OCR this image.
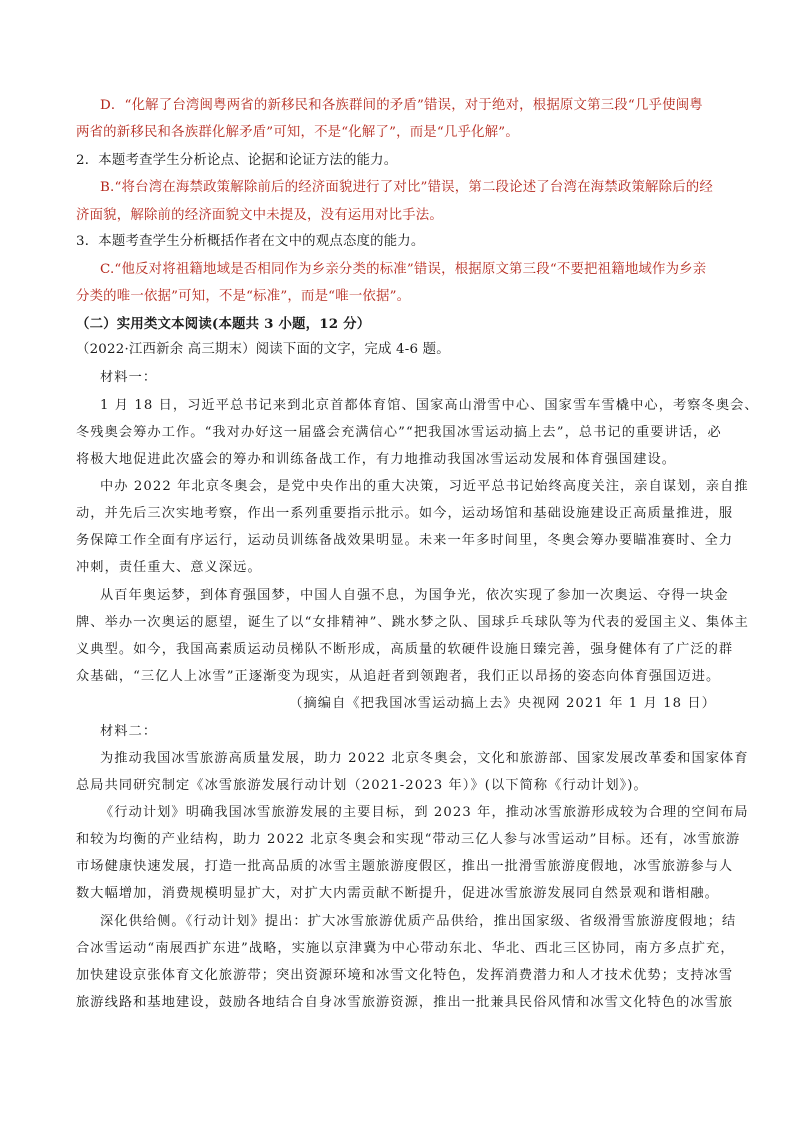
D．“化解了台湾闽粤两省的新移民和各族群间的矛盾”错误，对于绝对，根据原文第三段“几乎使闽粤
两省的新移民和各族群化解矛盾”可知，不是“化解了”，而是“几乎化解”。
2．本题考查学生分析论点、论据和论证方法的能力。
B.“将台湾在海禁政策解除前后的经济面貌进行了对比”错误，第二段论述了台湾在海禁政策解除后的经
济面貌，解除前的经济面貌文中未提及，没有运用对比手法。
3．本题考查学生分析概括作者在文中的观点态度的能力。
C.“他反对将祖籍地域是否相同作为乡亲分类的标准”错误，根据原文第三段“不要把祖籍地域作为乡亲
分类的唯一依据”可知，不是“标准”，而是“唯一依据”。
（二）实用类文本阅读(本题共 3 小题，12 分）
（2022·江西新余 高三期末）阅读下面的文字，完成 4-6 题。
材料一：
1 月 18 日，习近平总书记来到北京首都体育馆、国家高山滑雪中心、国家雪车雪橇中心，考察冬奥会、
冬残奥会筹办工作。“我对办好这一届盛会充满信心”“把我国冰雪运动搞上去”，总书记的重要讲话，必
将极大地促进此次盛会的筹办和训练备战工作，有力地推动我国冰雪运动发展和体育强国建设。
中办 2022 年北京冬奥会，是党中央作出的重大决策，习近平总书记始终高度关注，亲自谋划，亲自推
动，并先后三次实地考察，作出一系列重要指示批示。如今，运动场馆和基础设施建设正高质量推进，服
务保障工作全面有序运行，运动员训练备战效果明显。未来一年多时间里，冬奥会筹办要瞄准赛时、全力
冲刺，责任重大、意义深远。
从百年奥运梦，到体育强国梦，中国人自强不息，为国争光，依次实现了参加一次奥运、夺得一块金
牌、举办一次奥运的愿望，诞生了以“女排精神”、跳水梦之队、国球乒乓球队等为代表的爱国主义、集体主
义典型。如今，我国高素质运动员梯队不断形成，高质量的软硬件设施日臻完善，强身健体有了广泛的群
众基础，“三亿人上冰雪”正逐渐变为现实，从追赶者到领跑者，我们正以昂扬的姿态向体育强国迈进。
（摘编自《把我国冰雪运动搞上去》央视网 2021 年 1 月 18 日）
材料二：
为推动我国冰雪旅游高质量发展，助力 2022 北京冬奥会，文化和旅游部、国家发展改革委和国家体育
总局共同研究制定《冰雪旅游发展行动计划（2021-2023 年）》(以下简称《行动计划》)。
《行动计划》明确我国冰雪旅游发展的主要目标，到 2023 年，推动冰雪旅游形成较为合理的空间布局
和较为均衡的产业结构，助力 2022 北京冬奥会和实现“带动三亿人参与冰雪运动”目标。还有，冰雪旅游
市场健康快速发展，打造一批高品质的冰雪主题旅游度假区，推出一批滑雪旅游度假地，冰雪旅游参与人
数大幅增加，消费规模明显扩大，对扩大内需贡献不断提升，促进冰雪旅游发展同自然景观和谐相融。
深化供给侧。《行动计划》提出：扩大冰雪旅游优质产品供给，推出国家级、省级滑雪旅游度假地；结
合冰雪运动“南展西扩东进”战略，实施以京津冀为中心带动东北、华北、西北三区协同，南方多点扩充，
加快建设京张体育文化旅游带；突出资源环境和冰雪文化特色，发挥消费潜力和人才技术优势；支持冰雪
旅游线路和基地建设，鼓励各地结合自身冰雪旅游资源，推出一批兼具民俗风情和冰雪文化特色的冰雪旅
